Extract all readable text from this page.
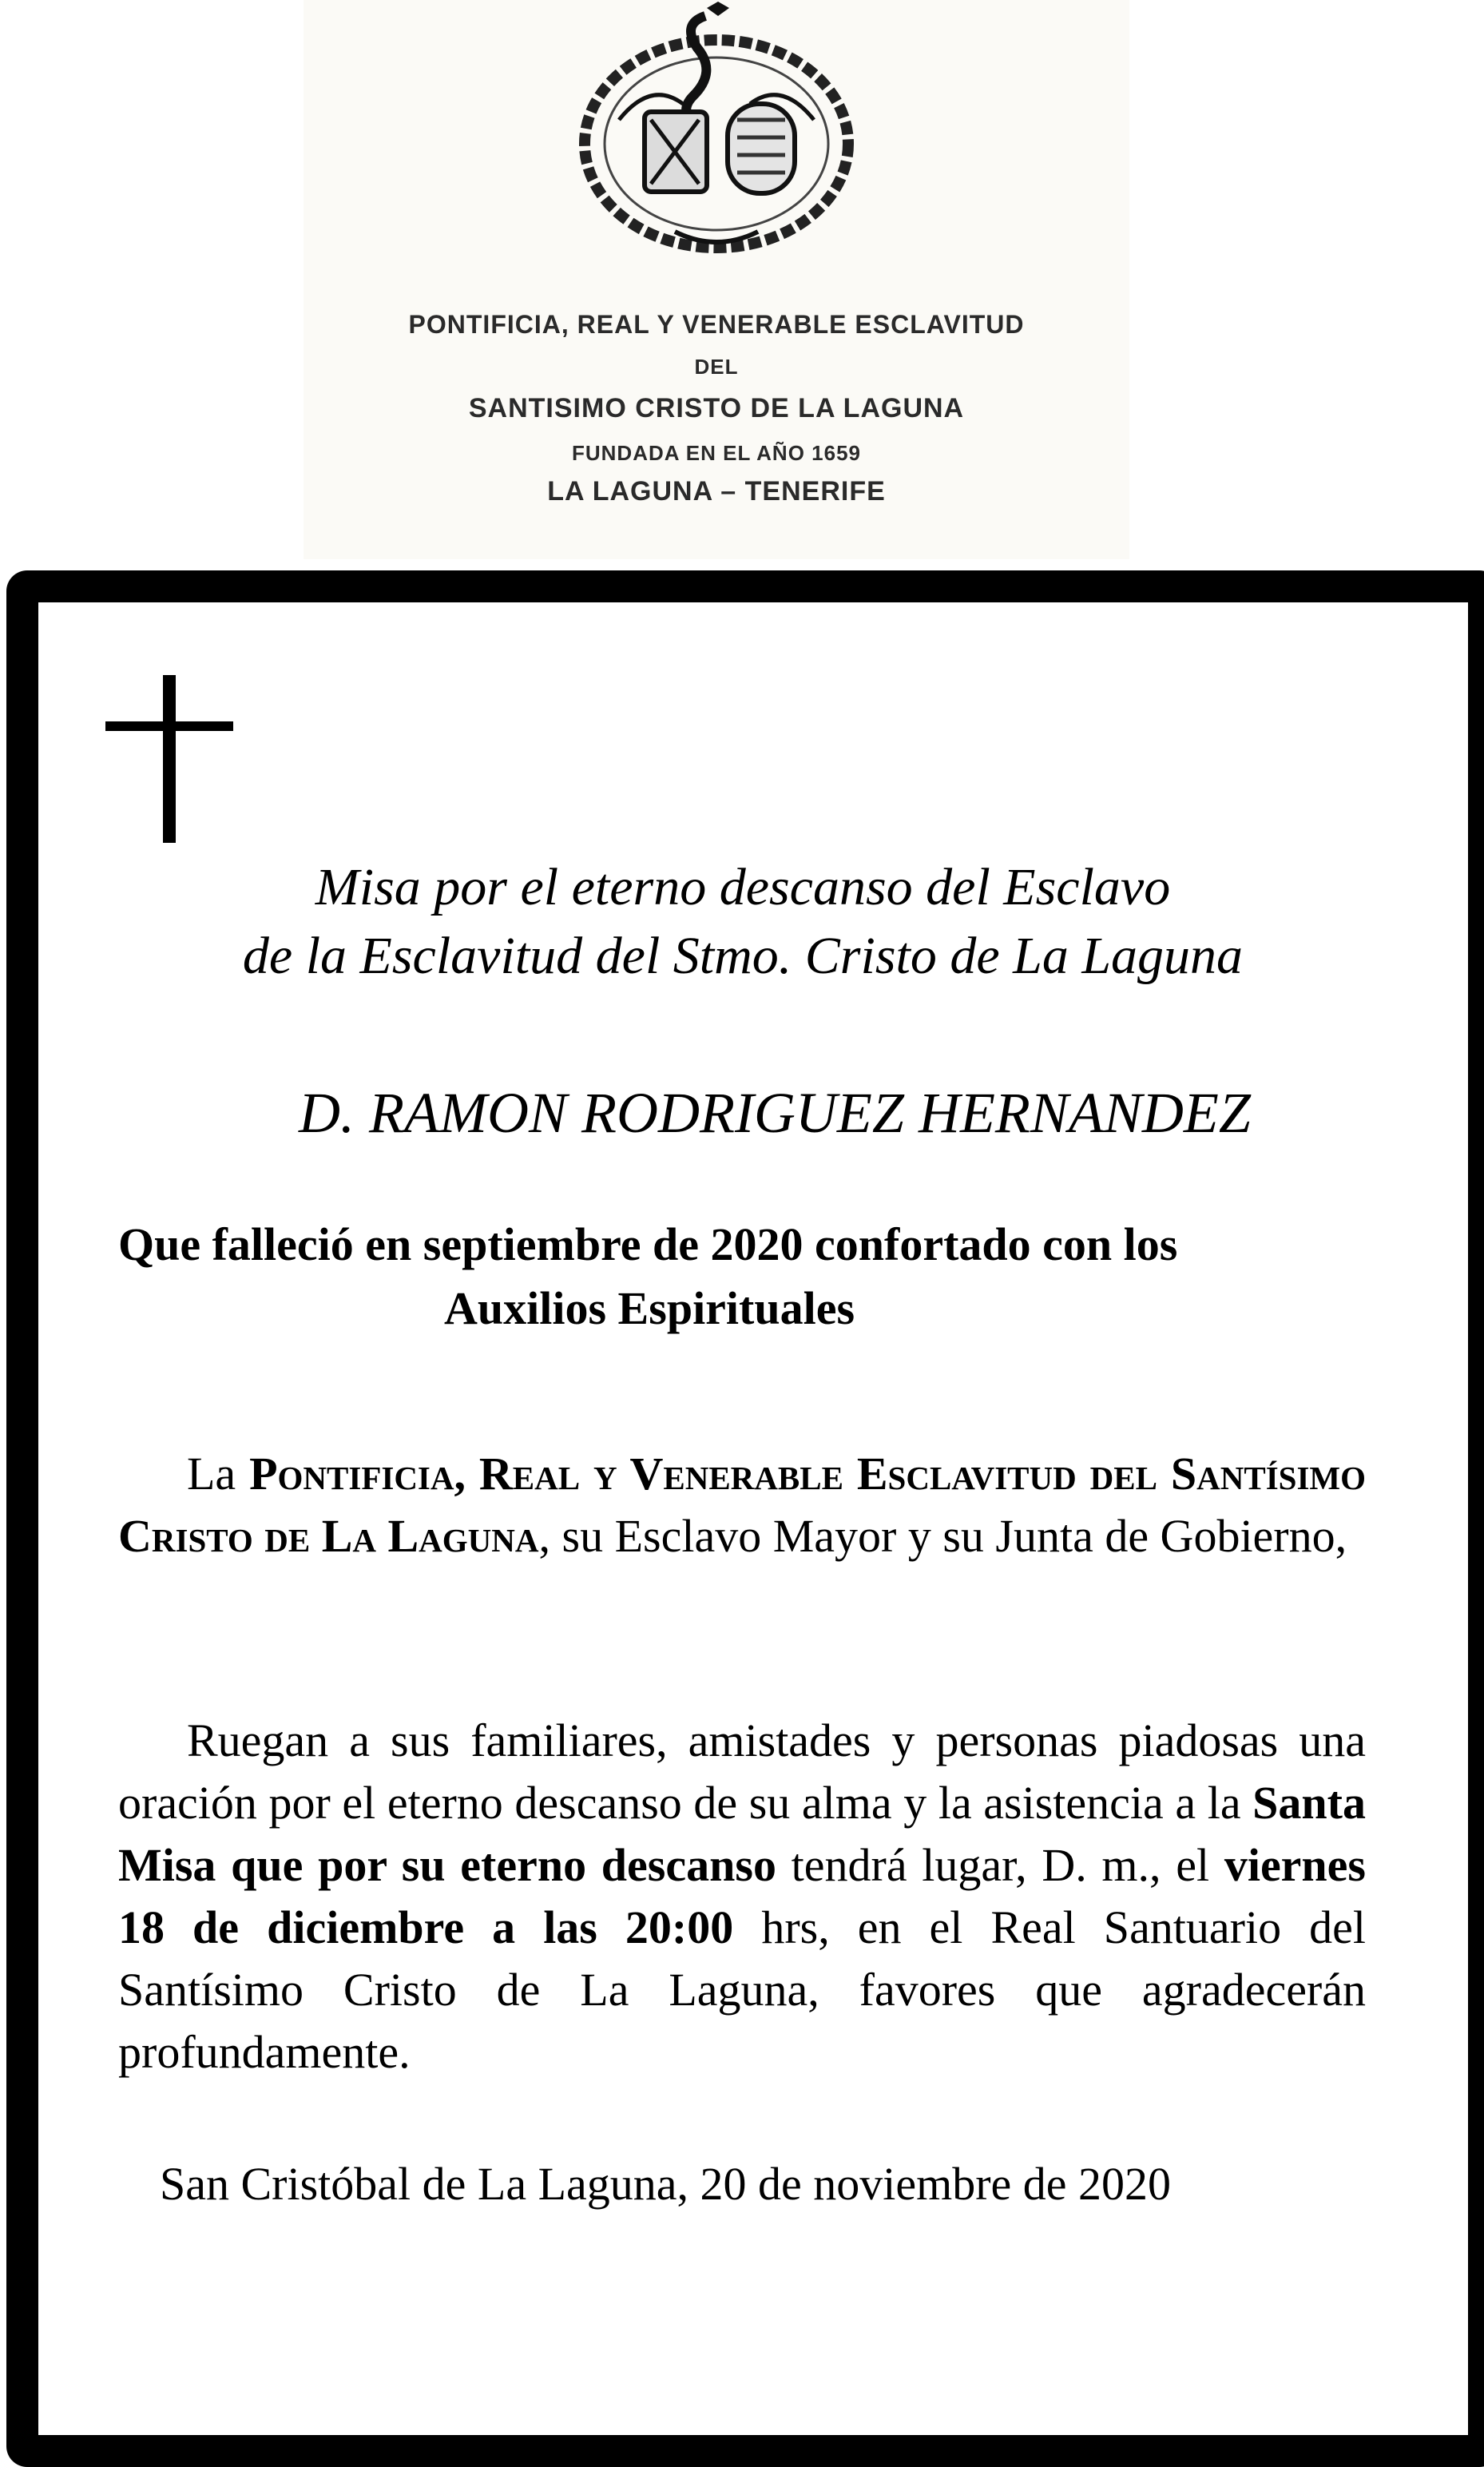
PONTIFICIA, REAL Y VENERABLE ESCLAVITUD
DEL
SANTISIMO CRISTO DE LA LAGUNA
FUNDADA EN EL AÑO 1659
LA LAGUNA – TENERIFE
Misa por el eterno descanso del Esclavo
de la Esclavitud del Stmo. Cristo de La Laguna
D. RAMON RODRIGUEZ HERNANDEZ
Que falleció en septiembre de 2020 confortado con los
Auxilios Espirituales
La Pontificia, Real y Venerable Esclavitud del Santísimo Cristo de La Laguna, su Esclavo Mayor y su Junta de Gobierno,
Ruegan a sus familiares, amistades y personas piadosas una oración por el eterno descanso de su alma y la asistencia a la Santa Misa que por su eterno descanso tendrá lugar, D. m., el viernes 18 de diciembre a las 20:00 hrs, en el Real Santuario del Santísimo Cristo de La Laguna, favores que agradecerán profundamente.
San Cristóbal de La Laguna, 20 de noviembre de 2020
